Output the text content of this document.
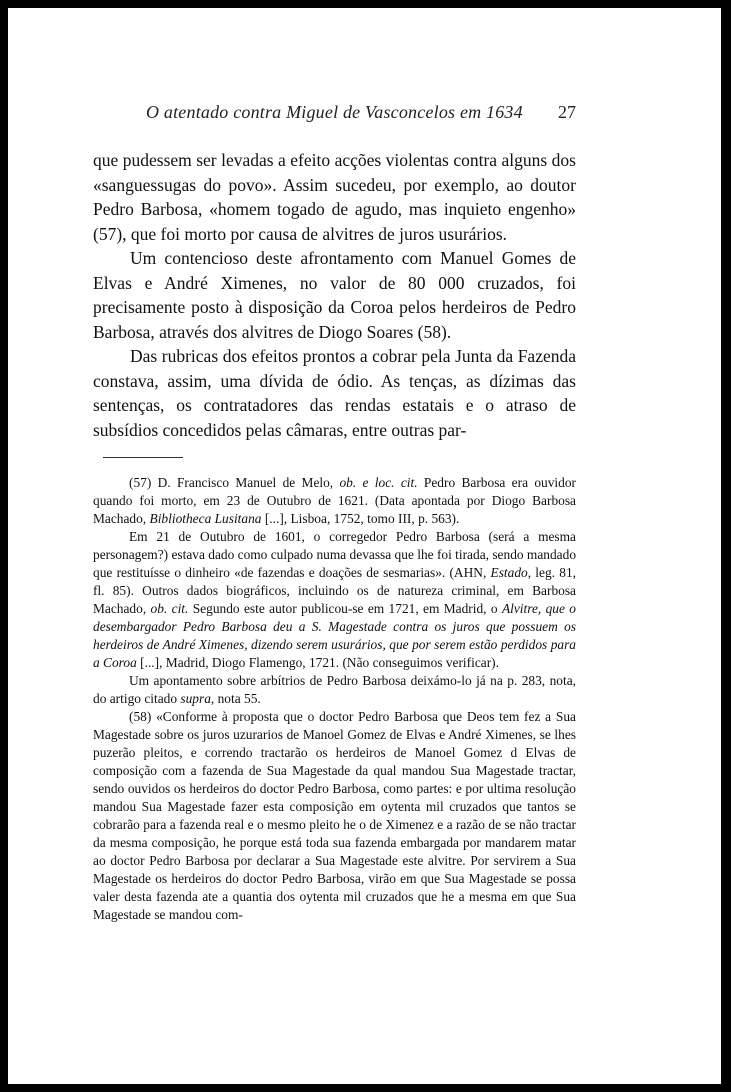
O atentado contra Miguel de Vasconcelos em 1634	27

que pudessem ser levadas a efeito acções violentas contra alguns dos «sanguessugas do povo». Assim sucedeu, por exemplo, ao doutor Pedro Barbosa, «homem togado de agudo, mas inquieto engenho» (57), que foi morto por causa de alvitres de juros usurários.

Um contencioso deste afrontamento com Manuel Gomes de Elvas e André Ximenes, no valor de 80 000 cruzados, foi precisamente posto à disposição da Coroa pelos herdeiros de Pedro Barbosa, através dos alvitres de Diogo Soares (58).

Das rubricas dos efeitos prontos a cobrar pela Junta da Fazenda constava, assim, uma dívida de ódio. As tenças, as dízimas das sentenças, os contratadores das rendas estatais e o atraso de subsídios concedidos pelas câmaras, entre outras par-

(57) D. Francisco Manuel de Melo, ob. e loc. cit. Pedro Barbosa era ouvidor quando foi morto, em 23 de Outubro de 1621. (Data apontada por Diogo Barbosa Machado, Bibliotheca Lusitana [...], Lisboa, 1752, tomo III, p. 563).

Em 21 de Outubro de 1601, o corregedor Pedro Barbosa (será a mesma personagem?) estava dado como culpado numa devassa que lhe foi tirada, sendo mandado que restituísse o dinheiro «de fazendas e doações de sesmarias». (AHN, Estado, leg. 81, fl. 85). Outros dados biográficos, incluindo os de natureza criminal, em Barbosa Machado, ob. cit. Segundo este autor publicou-se em 1721, em Madrid, o Alvitre, que o desembargador Pedro Barbosa deu a S. Magestade contra os juros que possuem os herdeiros de André Ximenes, dizendo serem usurários, que por serem estão perdidos para a Coroa [...], Madrid, Diogo Flamengo, 1721. (Não conseguimos verificar).

Um apontamento sobre arbítrios de Pedro Barbosa deixámo-lo já na p. 283, nota, do artigo citado supra, nota 55.

(58) «Conforme à proposta que o doctor Pedro Barbosa que Deos tem fez a Sua Magestade sobre os juros uzurarios de Manoel Gomez de Elvas e André Ximenes, se lhes puzerão pleitos, e correndo tractarão os herdeiros de Manoel Gomez d Elvas de composição com a fazenda de Sua Magestade da qual mandou Sua Magestade tractar, sendo ouvidos os herdeiros do doctor Pedro Barbosa, como partes: e por ultima resolução mandou Sua Magestade fazer esta composição em oytenta mil cruzados que tantos se cobrarão para a fazenda real e o mesmo pleito he o de Ximenez e a razão de se não tractar da mesma composição, he porque está toda sua fazenda embargada por mandarem matar ao doctor Pedro Barbosa por declarar a Sua Magestade este alvitre. Por servirem a Sua Magestade os herdeiros do doctor Pedro Barbosa, virão em que Sua Magestade se possa valer desta fazenda ate a quantia dos oytenta mil cruzados que he a mesma em que Sua Magestade se mandou com-
